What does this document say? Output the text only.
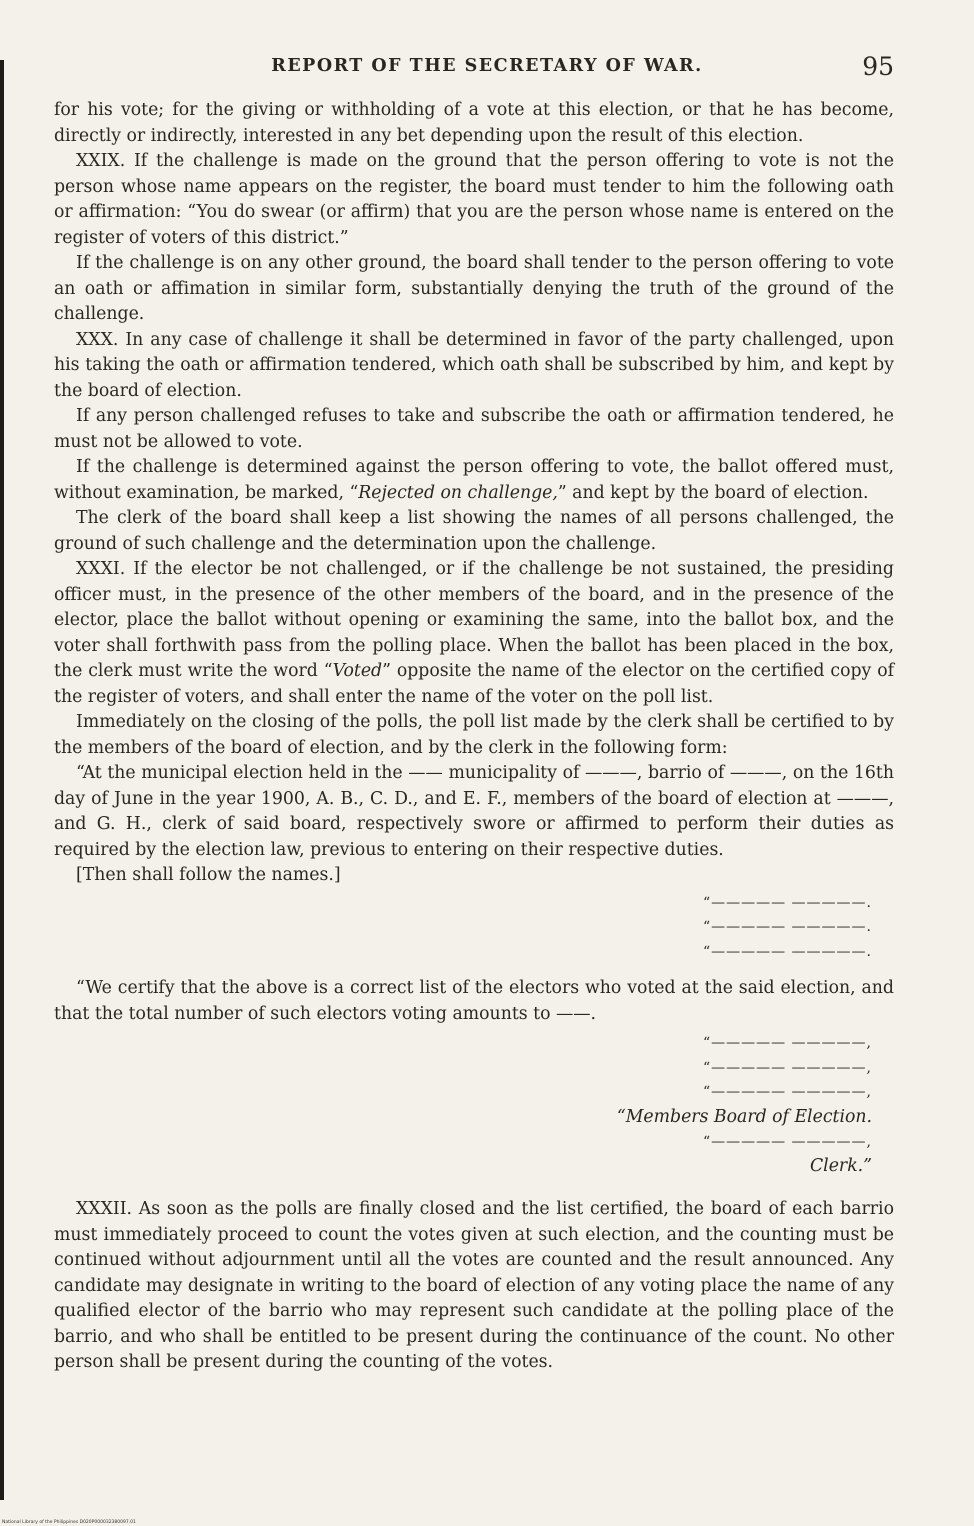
REPORT OF THE SECRETARY OF WAR.	95

for his vote; for the giving or withholding of a vote at this election, or that he has become, directly or indirectly, interested in any bet depending upon the result of this election.

XXIX. If the challenge is made on the ground that the person offering to vote is not the person whose name appears on the register, the board must tender to him the following oath or affirmation: “You do swear (or affirm) that you are the person whose name is entered on the register of voters of this district.”

If the challenge is on any other ground, the board shall tender to the person offering to vote an oath or affimation in similar form, substantially denying the truth of the ground of the challenge.

XXX. In any case of challenge it shall be determined in favor of the party challenged, upon his taking the oath or affirmation tendered, which oath shall be subscribed by him, and kept by the board of election.

If any person challenged refuses to take and subscribe the oath or affirmation tendered, he must not be allowed to vote.

If the challenge is determined against the person offering to vote, the ballot offered must, without examination, be marked, “Rejected on challenge,” and kept by the board of election.

The clerk of the board shall keep a list showing the names of all persons challenged, the ground of such challenge and the determination upon the challenge.

XXXI. If the elector be not challenged, or if the challenge be not sustained, the presiding officer must, in the presence of the other members of the board, and in the presence of the elector, place the ballot without opening or examining the same, into the ballot box, and the voter shall forthwith pass from the polling place. When the ballot has been placed in the box, the clerk must write the word “Voted” opposite the name of the elector on the certified copy of the register of voters, and shall enter the name of the voter on the poll list.

Immediately on the closing of the polls, the poll list made by the clerk shall be certified to by the members of the board of election, and by the clerk in the following form:

“At the municipal election held in the —— municipality of ———, barrio of ———, on the 16th day of June in the year 1900, A. B., C. D., and E. F., members of the board of election at ———, and G. H., clerk of said board, respectively swore or affirmed to perform their duties as required by the election law, previous to entering on their respective duties.

[Then shall follow the names.]

“————— —————.
“————— —————.
“————— —————.

“We certify that the above is a correct list of the electors who voted at the said election, and that the total number of such electors voting amounts to ——.

“————— —————,
“————— —————,
“————— —————,
“Members Board of Election.
“————— —————,
Clerk.”

XXXII. As soon as the polls are finally closed and the list certified, the board of each barrio must immediately proceed to count the votes given at such election, and the counting must be continued without adjournment until all the votes are counted and the result announced. Any candidate may designate in writing to the board of election of any voting place the name of any qualified elector of the barrio who may represent such candidate at the polling place of the barrio, and who shall be entitled to be present during the continuance of the count. No other person shall be present during the counting of the votes.

National Library of the Philippines D020P000032380097.01
